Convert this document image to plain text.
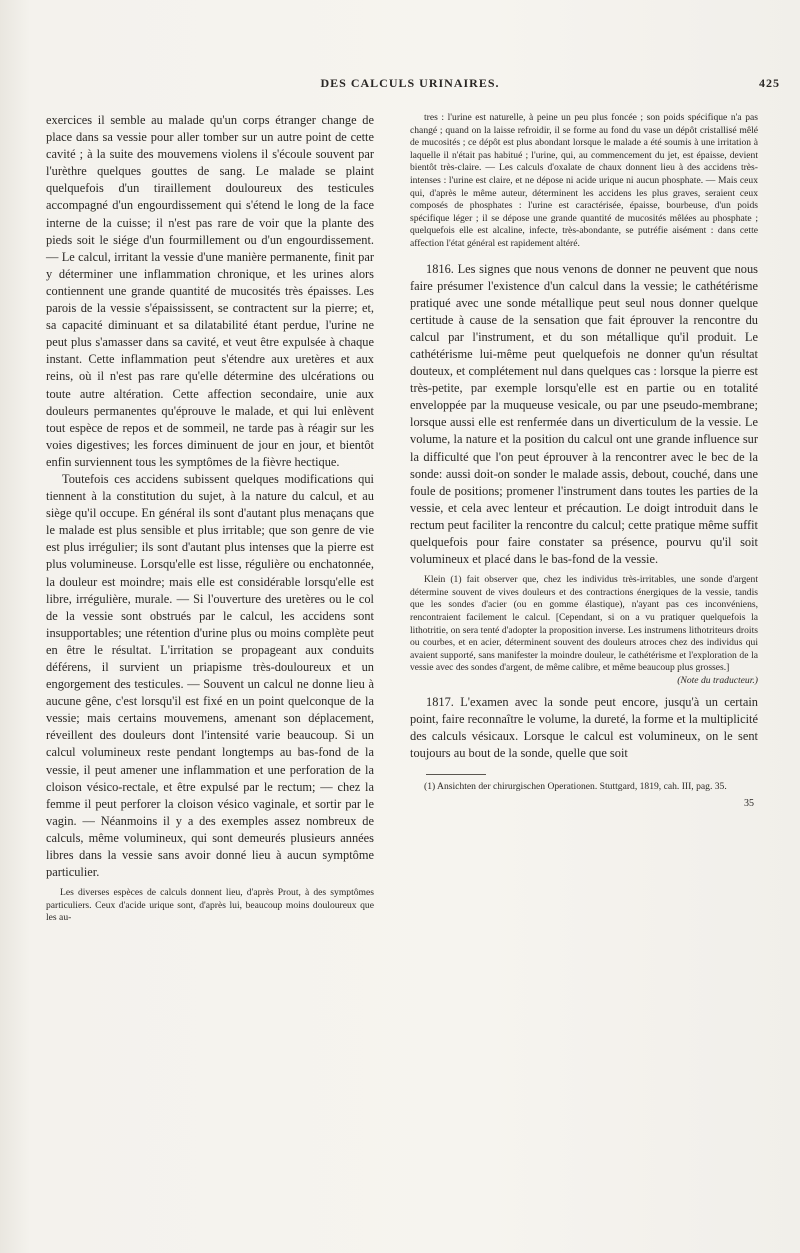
DES CALCULS URINAIRES.	425

exercices il semble au malade qu'un corps étranger change de place dans sa vessie pour aller tomber sur un autre point de cette cavité ; à la suite des mouvemens violens il s'écoule souvent par l'urèthre quelques gouttes de sang. Le malade se plaint quelquefois d'un tiraillement douloureux des testicules accompagné d'un engourdissement qui s'étend le long de la face interne de la cuisse; il n'est pas rare de voir que la plante des pieds soit le siége d'un fourmillement ou d'un engourdissement. — Le calcul, irritant la vessie d'une manière permanente, finit par y déterminer une inflammation chronique, et les urines alors contiennent une grande quantité de mucosités très épaisses. Les parois de la vessie s'épaississent, se contractent sur la pierre; et, sa capacité diminuant et sa dilatabilité étant perdue, l'urine ne peut plus s'amasser dans sa cavité, et veut être expulsée à chaque instant. Cette inflammation peut s'étendre aux uretères et aux reins, où il n'est pas rare qu'elle détermine des ulcérations ou toute autre altération. Cette affection secondaire, unie aux douleurs permanentes qu'éprouve le malade, et qui lui enlèvent tout espèce de repos et de sommeil, ne tarde pas à réagir sur les voies digestives; les forces diminuent de jour en jour, et bientôt enfin surviennent tous les symptômes de la fièvre hectique.

Toutefois ces accidens subissent quelques modifications qui tiennent à la constitution du sujet, à la nature du calcul, et au siège qu'il occupe. En général ils sont d'autant plus menaçans que le malade est plus sensible et plus irritable; que son genre de vie est plus irrégulier; ils sont d'autant plus intenses que la pierre est plus volumineuse. Lorsqu'elle est lisse, régulière ou enchatonnée, la douleur est moindre; mais elle est considérable lorsqu'elle est libre, irrégulière, murale. — Si l'ouverture des uretères ou le col de la vessie sont obstrués par le calcul, les accidens sont insupportables; une rétention d'urine plus ou moins complète peut en être le résultat. L'irritation se propageant aux conduits déférens, il survient un priapisme très-douloureux et un engorgement des testicules. — Souvent un calcul ne donne lieu à aucune gêne, c'est lorsqu'il est fixé en un point quelconque de la vessie; mais certains mouvemens, amenant son déplacement, réveillent des douleurs dont l'intensité varie beaucoup. Si un calcul volumineux reste pendant longtemps au bas-fond de la vessie, il peut amener une inflammation et une perforation de la cloison vésico-rectale, et être expulsé par le rectum; — chez la femme il peut perforer la cloison vésico vaginale, et sortir par le vagin. — Néanmoins il y a des exemples assez nombreux de calculs, même volumineux, qui sont demeurés plusieurs années libres dans la vessie sans avoir donné lieu à aucun symptôme particulier.

Les diverses espèces de calculs donnent lieu, d'après Prout, à des symptômes particuliers. Ceux d'acide urique sont, d'après lui, beaucoup moins douloureux que les au-

tres : l'urine est naturelle, à peine un peu plus foncée ; son poids spécifique n'a pas changé ; quand on la laisse refroidir, il se forme au fond du vase un dépôt cristallisé mêlé de mucosités ; ce dépôt est plus abondant lorsque le malade a été soumis à une irritation à laquelle il n'était pas habitué ; l'urine, qui, au commencement du jet, est épaisse, devient bientôt très-claire. — Les calculs d'oxalate de chaux donnent lieu à des accidens très-intenses : l'urine est claire, et ne dépose ni acide urique ni aucun phosphate. — Mais ceux qui, d'après le même auteur, déterminent les accidens les plus graves, seraient ceux composés de phosphates : l'urine est caractérisée, épaisse, bourbeuse, d'un poids spécifique léger ; il se dépose une grande quantité de mucosités mêlées au phosphate ; quelquefois elle est alcaline, infecte, très-abondante, se putréfie aisément : dans cette affection l'état général est rapidement altéré.

1816. Les signes que nous venons de donner ne peuvent que nous faire présumer l'existence d'un calcul dans la vessie; le cathétérisme pratiqué avec une sonde métallique peut seul nous donner quelque certitude à cause de la sensation que fait éprouver la rencontre du calcul par l'instrument, et du son métallique qu'il produit. Le cathétérisme lui-même peut quelquefois ne donner qu'un résultat douteux, et complétement nul dans quelques cas : lorsque la pierre est très-petite, par exemple lorsqu'elle est en partie ou en totalité enveloppée par la muqueuse vesicale, ou par une pseudo-membrane; lorsque aussi elle est renfermée dans un diverticulum de la vessie. Le volume, la nature et la position du calcul ont une grande influence sur la difficulté que l'on peut éprouver à la rencontrer avec le bec de la sonde: aussi doit-on sonder le malade assis, debout, couché, dans une foule de positions; promener l'instrument dans toutes les parties de la vessie, et cela avec lenteur et précaution. Le doigt introduit dans le rectum peut faciliter la rencontre du calcul; cette pratique même suffit quelquefois pour faire constater sa présence, pourvu qu'il soit volumineux et placé dans le bas-fond de la vessie.

Klein (1) fait observer que, chez les individus très-irritables, une sonde d'argent détermine souvent de vives douleurs et des contractions énergiques de la vessie, tandis que les sondes d'acier (ou en gomme élastique), n'ayant pas ces inconvéniens, rencontraient facilement le calcul. [Cependant, si on a vu pratiquer quelquefois la lithotritie, on sera tenté d'adopter la proposition inverse. Les instrumens lithotriteurs droits ou courbes, et en acier, déterminent souvent des douleurs atroces chez des individus qui avaient supporté, sans manifester la moindre douleur, le cathétérisme et l'exploration de la vessie avec des sondes d'argent, de même calibre, et même beaucoup plus grosses.]

(Note du traducteur.)

1817. L'examen avec la sonde peut encore, jusqu'à un certain point, faire reconnaître le volume, la dureté, la forme et la multiplicité des calculs vésicaux. Lorsque le calcul est volumineux, on le sent toujours au bout de la sonde, quelle que soit

(1) Ansichten der chirurgischen Operationen. Stuttgard, 1819, cah. III, pag. 35.

35
